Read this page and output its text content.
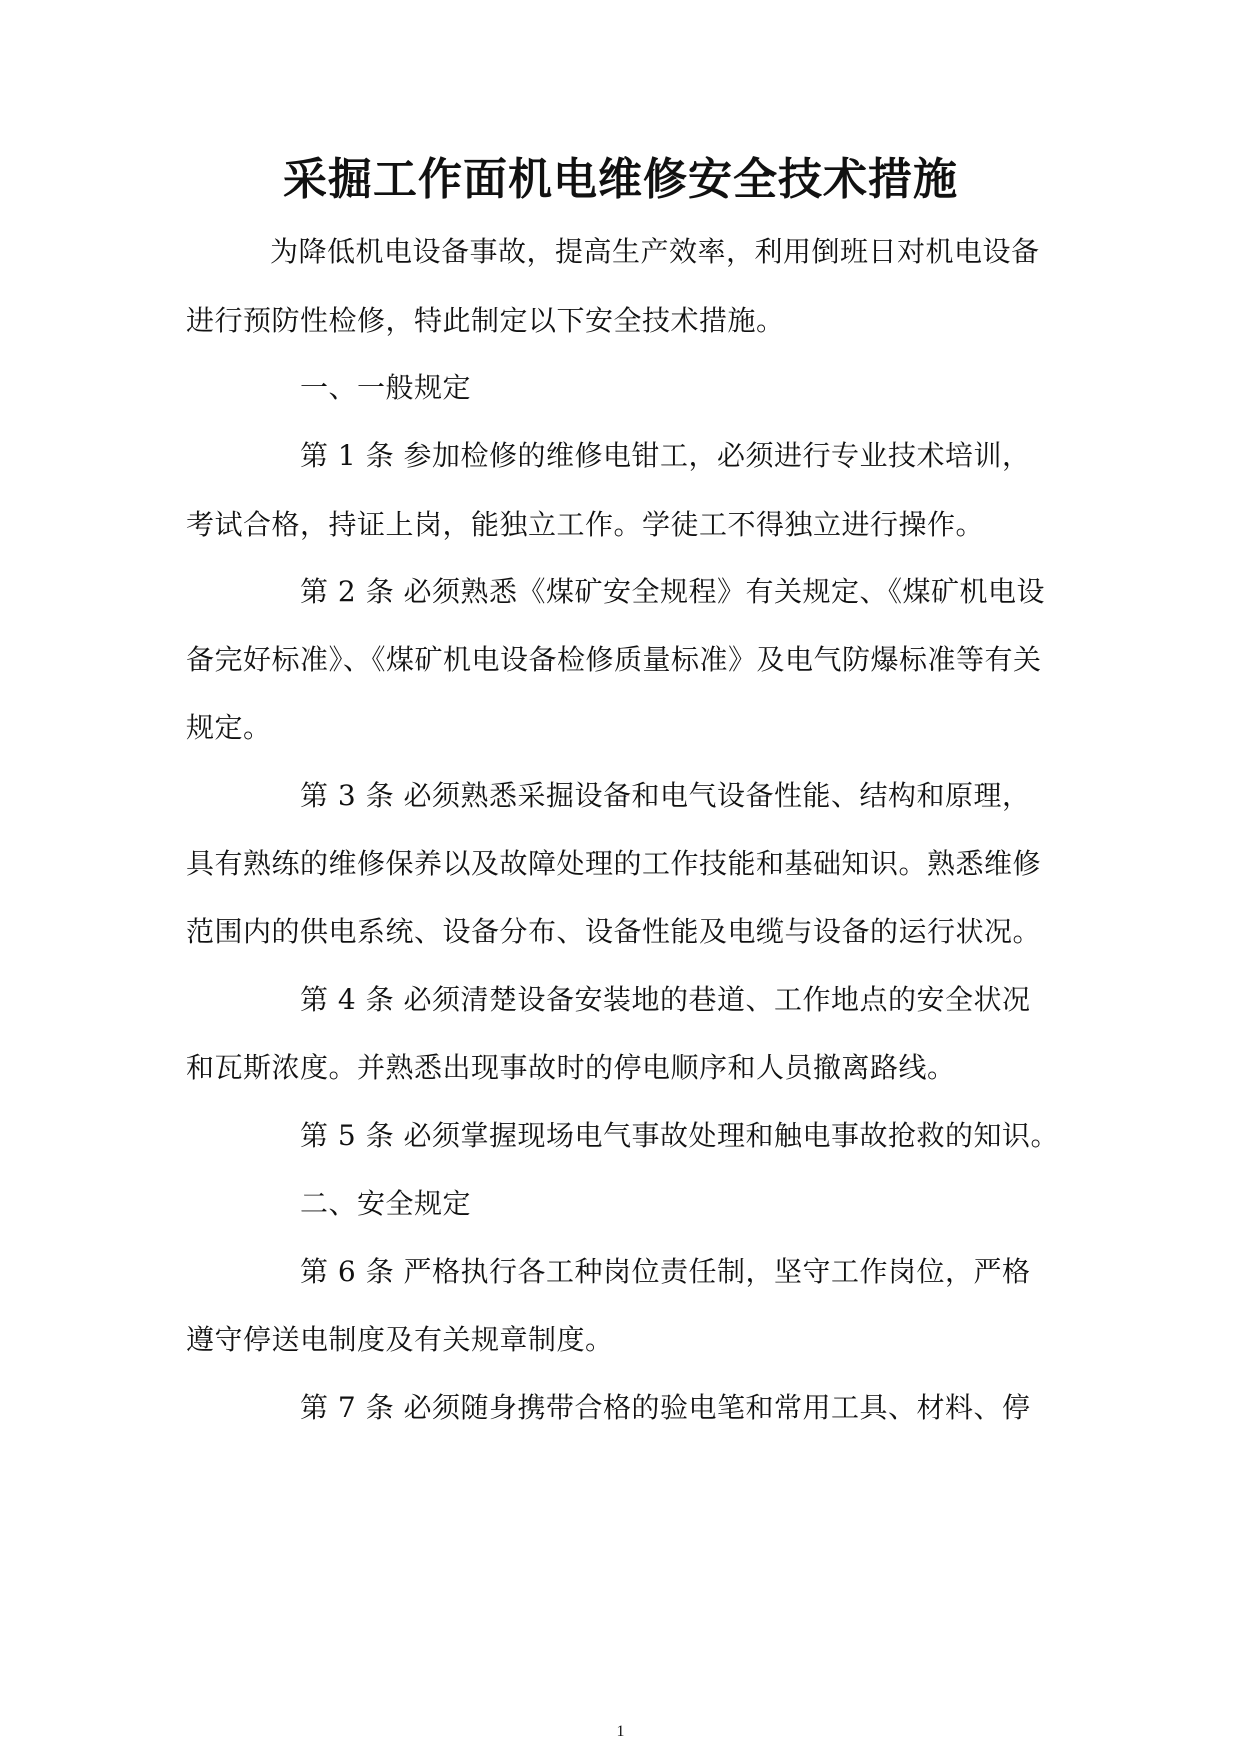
采掘工作面机电维修安全技术措施
为降低机电设备事故，提高生产效率，利用倒班日对机电设备
进行预防性检修，特此制定以下安全技术措施。
一、一般规定
第 1 条 参加检修的维修电钳工，必须进行专业技术培训，
考试合格，持证上岗，能独立工作。学徒工不得独立进行操作。
第 2 条 必须熟悉《煤矿安全规程》有关规定、《煤矿机电设
备完好标准》、《煤矿机电设备检修质量标准》及电气防爆标准等有关
规定。
第 3 条 必须熟悉采掘设备和电气设备性能、结构和原理，
具有熟练的维修保养以及故障处理的工作技能和基础知识。熟悉维修
范围内的供电系统、设备分布、设备性能及电缆与设备的运行状况。
第 4 条 必须清楚设备安装地的巷道、工作地点的安全状况
和瓦斯浓度。并熟悉出现事故时的停电顺序和人员撤离路线。
第 5 条 必须掌握现场电气事故处理和触电事故抢救的知识。
二、安全规定
第 6 条 严格执行各工种岗位责任制，坚守工作岗位，严格
遵守停送电制度及有关规章制度。
第 7 条 必须随身携带合格的验电笔和常用工具、材料、停
1
